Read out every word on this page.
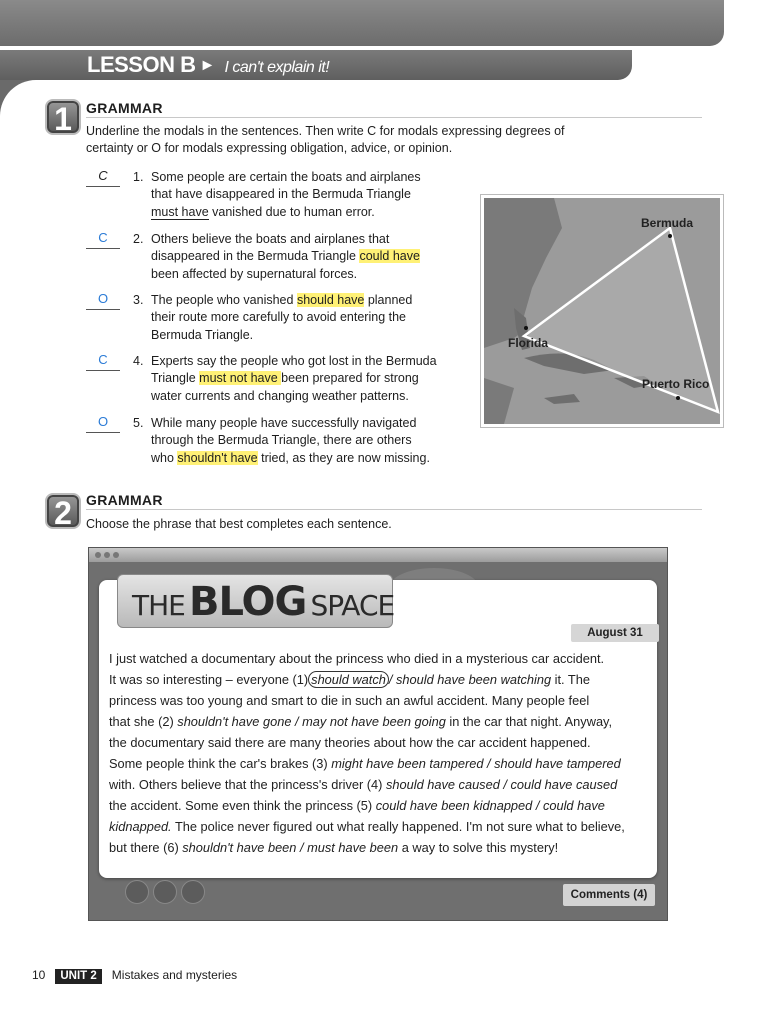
LESSON B ► I can't explain it!
1	GRAMMAR
Underline the modals in the sentences. Then write C for modals expressing degrees of
certainty or O for modals expressing obligation, advice, or opinion.
C	1. Some people are certain the boats and airplanes
that have disappeared in the Bermuda Triangle
must have vanished due to human error.
C	2. Others believe the boats and airplanes that
disappeared in the Bermuda Triangle could have
been affected by supernatural forces.
O	3. The people who vanished should have planned
their route more carefully to avoid entering the
Bermuda Triangle.
C	4. Experts say the people who got lost in the Bermuda
Triangle must not have been prepared for strong
water currents and changing weather patterns.
O	5. While many people have successfully navigated
through the Bermuda Triangle, there are others
who shouldn't have tried, as they are now missing.
Bermuda
Florida
Puerto Rico
2	GRAMMAR
Choose the phrase that best completes each sentence.
THE BLOG SPACE
August 31

I just watched a documentary about the princess who died in a mysterious car accident.

It was so interesting – everyone (1) should watch / should have been watching it. The

princess was too young and smart to die in such an awful accident. Many people feel

that she (2) shouldn't have gone / may not have been going in the car that night. Anyway,

the documentary said there are many theories about how the car accident happened.

Some people think the car's brakes (3) might have been tampered / should have tampered

with. Others believe that the princess's driver (4) should have caused / could have caused

the accident. Some even think the princess (5) could have been kidnapped / could have

kidnapped. The police never figured out what really happened. I'm not sure what to believe,

but there (6) shouldn't have been / must have been a way to solve this mystery!

Comments (4)
10 UNIT 2 Mistakes and mysteries
